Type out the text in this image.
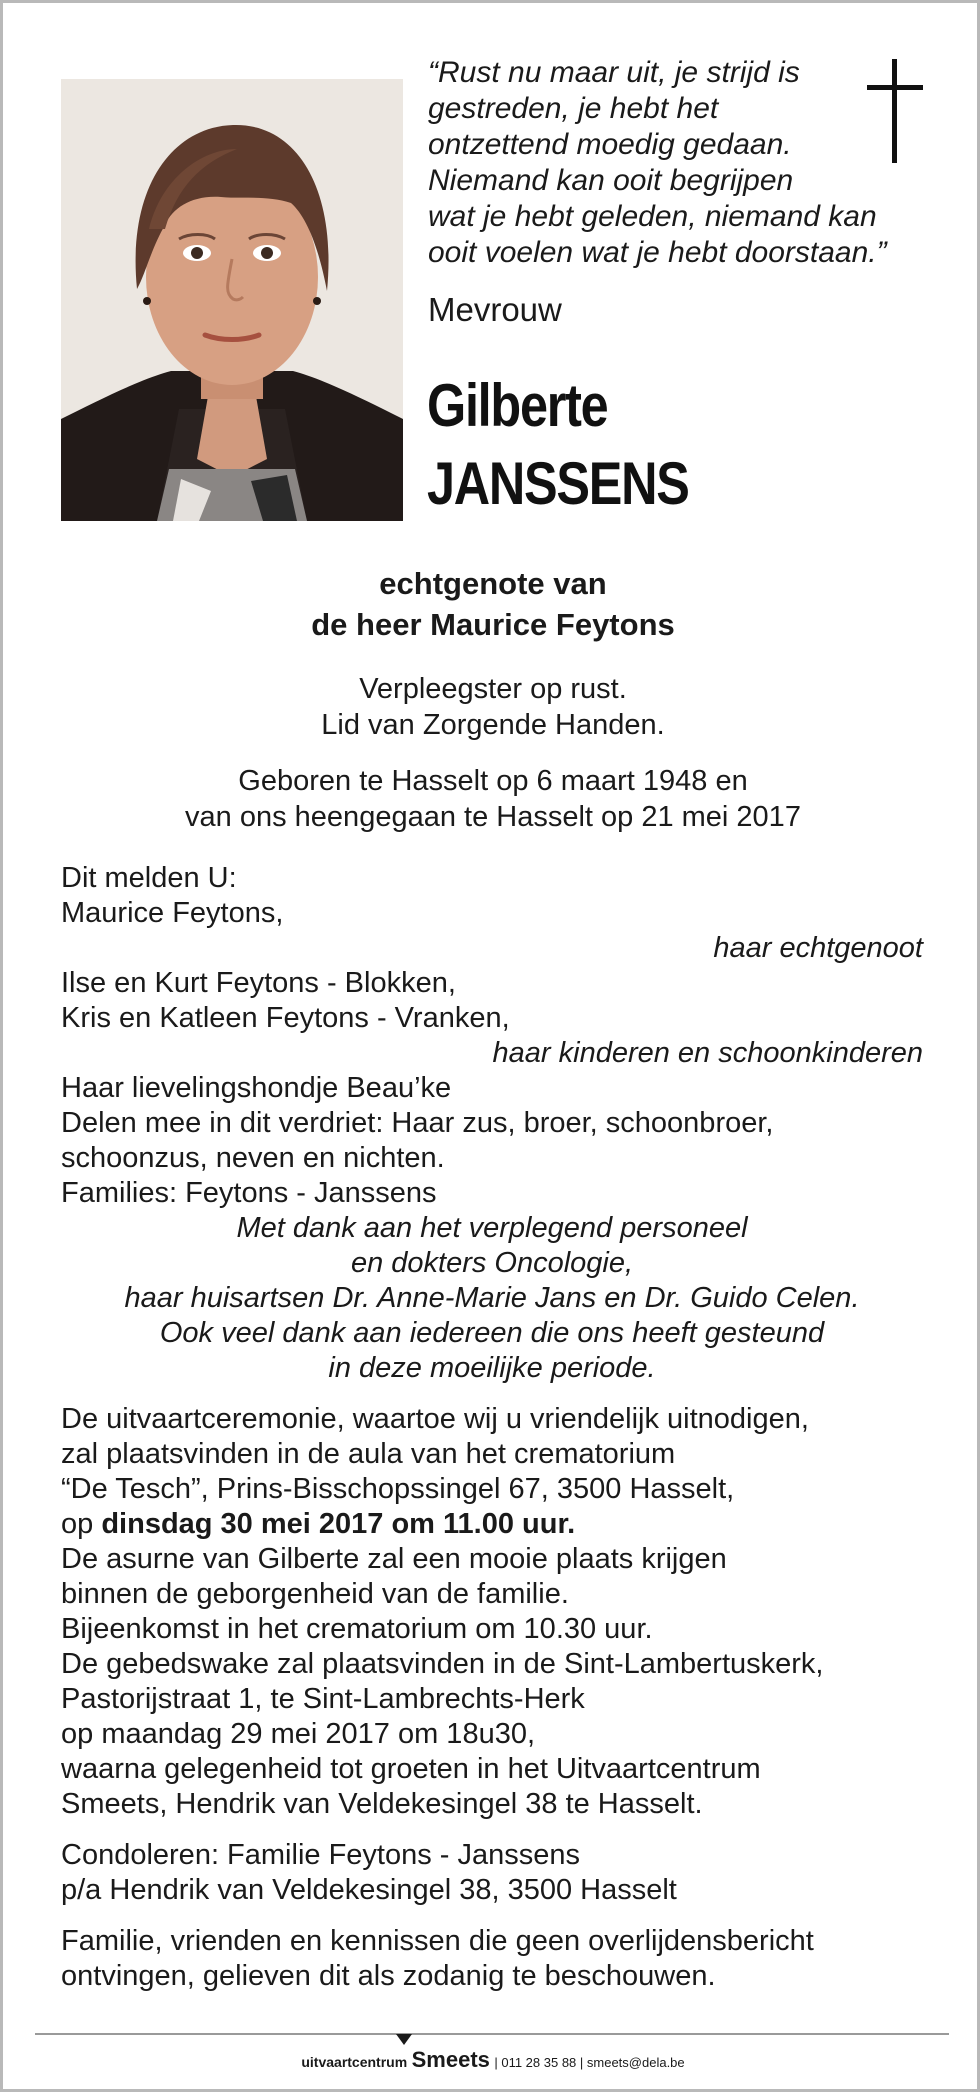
“Rust nu maar uit, je strijd is
gestreden, je hebt het
ontzettend moedig gedaan.
Niemand kan ooit begrijpen
wat je hebt geleden, niemand kan
ooit voelen wat je hebt doorstaan.”
Mevrouw
Gilberte
JANSSENS
echtgenote van
de heer Maurice Feytons
Verpleegster op rust.
Lid van Zorgende Handen.
Geboren te Hasselt op 6 maart 1948 en
van ons heengegaan te Hasselt op 21 mei 2017
Dit melden U:
Maurice Feytons,
haar echtgenoot
Ilse en Kurt Feytons - Blokken,
Kris en Katleen Feytons - Vranken,
haar kinderen en schoonkinderen
Haar lievelingshondje Beau’ke
Delen mee in dit verdriet: Haar zus, broer, schoonbroer,
schoonzus, neven en nichten.
Families: Feytons - Janssens
Met dank aan het verplegend personeel
en dokters Oncologie,
haar huisartsen Dr. Anne-Marie Jans en Dr. Guido Celen.
Ook veel dank aan iedereen die ons heeft gesteund
in deze moeilijke periode.
De uitvaartceremonie, waartoe wij u vriendelijk uitnodigen,
zal plaatsvinden in de aula van het crematorium
“De Tesch”, Prins-Bisschopssingel 67, 3500 Hasselt,
op dinsdag 30 mei 2017 om 11.00 uur.
De asurne van Gilberte zal een mooie plaats krijgen
binnen de geborgenheid van de familie.
Bijeenkomst in het crematorium om 10.30 uur.
De gebedswake zal plaatsvinden in de Sint-Lambertuskerk,
Pastorijstraat 1, te Sint-Lambrechts-Herk
op maandag 29 mei 2017 om 18u30,
waarna gelegenheid tot groeten in het Uitvaartcentrum
Smeets, Hendrik van Veldekesingel 38 te Hasselt.
Condoleren: Familie Feytons - Janssens
p/a Hendrik van Veldekesingel 38, 3500 Hasselt
Familie, vrienden en kennissen die geen overlijdensbericht
ontvingen, gelieven dit als zodanig te beschouwen.
uitvaartcentrum Smeets | 011 28 35 88 | smeets@dela.be
